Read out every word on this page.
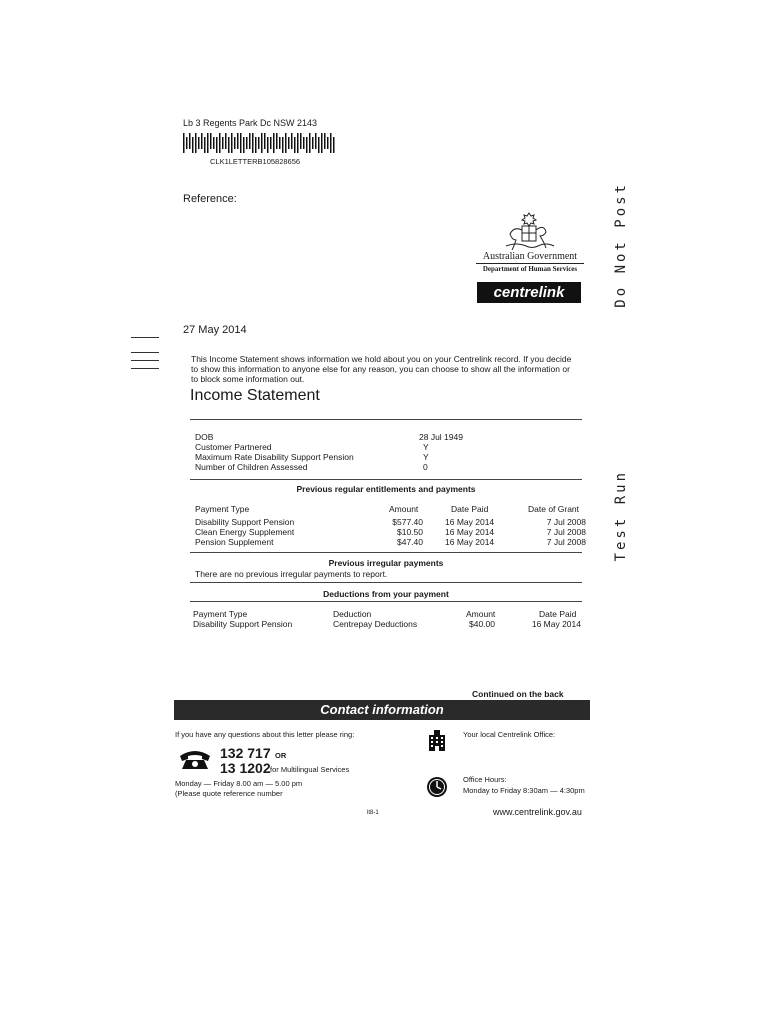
Lb 3 Regents Park Dc NSW 2143
CLK1LETTERB105828656
Reference:
Australian Government
Department of Human Services
centrelink	Do Not Post
Test Run
27 May 2014
This Income Statement shows information we hold about you on your Centrelink record. If you decide to show this information to anyone else for any reason, you can choose to show all the information or to block some information out.
Income Statement
DOB	28 Jul 1949
Customer Partnered	Y
Maximum Rate Disability Support Pension	Y
Number of Children Assessed	0
Previous regular entitlements and payments
Payment Type	Amount	Date Paid	Date of Grant
Disability Support Pension	$577.40	16 May 2014	7 Jul 2008
Clean Energy Supplement	$10.50	16 May 2014	7 Jul 2008
Pension Supplement	$47.40	16 May 2014	7 Jul 2008
Previous irregular payments
There are no previous irregular payments to report.
Deductions from your payment
Payment Type	Deduction	Amount	Date Paid
Disability Support Pension	Centrepay Deductions	$40.00	16 May 2014
Continued on the back
Contact information
If you have any questions about this letter please ring:
132 717 OR
13 1202 for Multilingual Services
Monday — Friday 8.00 am — 5.00 pm
(Please quote reference number
Your local Centrelink Office:
Office Hours:
Monday to Friday 8:30am — 4:30pm
lt8-1	www.centrelink.gov.au
